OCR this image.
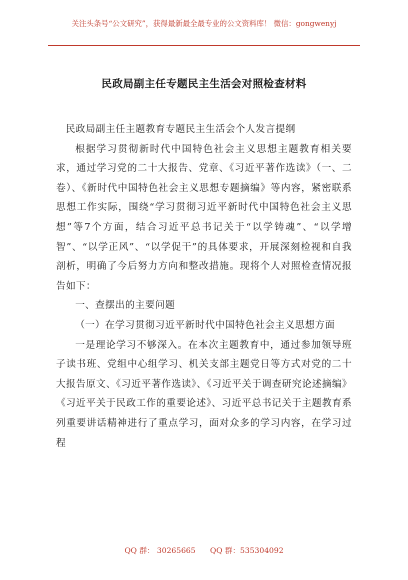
关注头条号“公文研究”，获得最新最全最专业的公文资料库！ 微信：gongwenyj
民政局副主任专题民主生活会对照检查材料

民政局副主任主题教育专题民主生活会个人发言提纲

根据学习贯彻新时代中国特色社会主义思想主题教育相关要求，通过学习党的二十大报告、党章、《习近平著作选读》（一、二卷）、《新时代中国特色社会主义思想专题摘编》等内容，紧密联系思想工作实际，围绕“学习贯彻习近平新时代中国特色社会主义思想”等7个方面，结合习近平总书记关于“以学铸魂”、“以学增智”、“以学正风”、“以学促干”的具体要求，开展深刻检视和自我剖析，明确了今后努力方向和整改措施。现将个人对照检查情况报告如下：

一、查摆出的主要问题

（一）在学习贯彻习近平新时代中国特色社会主义思想方面

一是理论学习不够深入。在本次主题教育中，通过参加领导班子读书班、党组中心组学习、机关支部主题党日等方式对党的二十大报告原文、《习近平著作选读》、《习近平关于调查研究论述摘编》《习近平关于民政工作的重要论述》、习近平总书记关于主题教育系列重要讲话精神进行了重点学习，面对众多的学习内容，在学习过程

QQ 群： 30265665 QQ 群：535304092
